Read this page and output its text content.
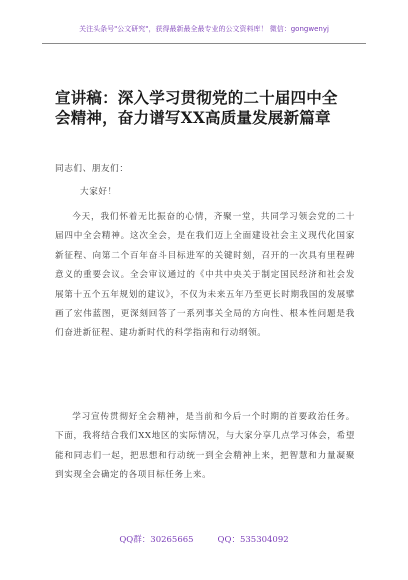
关注头条号"公文研究"，获得最新最全最专业的公文资料库！ 微信：gongwenyj
宣讲稿：深入学习贯彻党的二十届四中全
会精神，奋力谱写XX高质量发展新篇章
同志们、朋友们：
大家好！
今天，我们怀着无比振奋的心情，齐聚一堂，共同学习领会党的二十届四中全会精神。这次全会，是在我们迈上全面建设社会主义现代化国家新征程、向第二个百年奋斗目标进军的关键时刻，召开的一次具有里程碑意义的重要会议。全会审议通过的《中共中央关于制定国民经济和社会发展第十五个五年规划的建议》，不仅为未来五年乃至更长时期我国的发展擘画了宏伟蓝图，更深刻回答了一系列事关全局的方向性、根本性问题是我们奋进新征程、建功新时代的科学指南和行动纲领。
学习宣传贯彻好全会精神，是当前和今后一个时期的首要政治任务。下面，我将结合我们XX地区的实际情况，与大家分享几点学习体会，希望能和同志们一起，把思想和行动统一到全会精神上来，把智慧和力量凝聚到实现全会确定的各项目标任务上来。
QQ群：30265665	QQ：535304092
